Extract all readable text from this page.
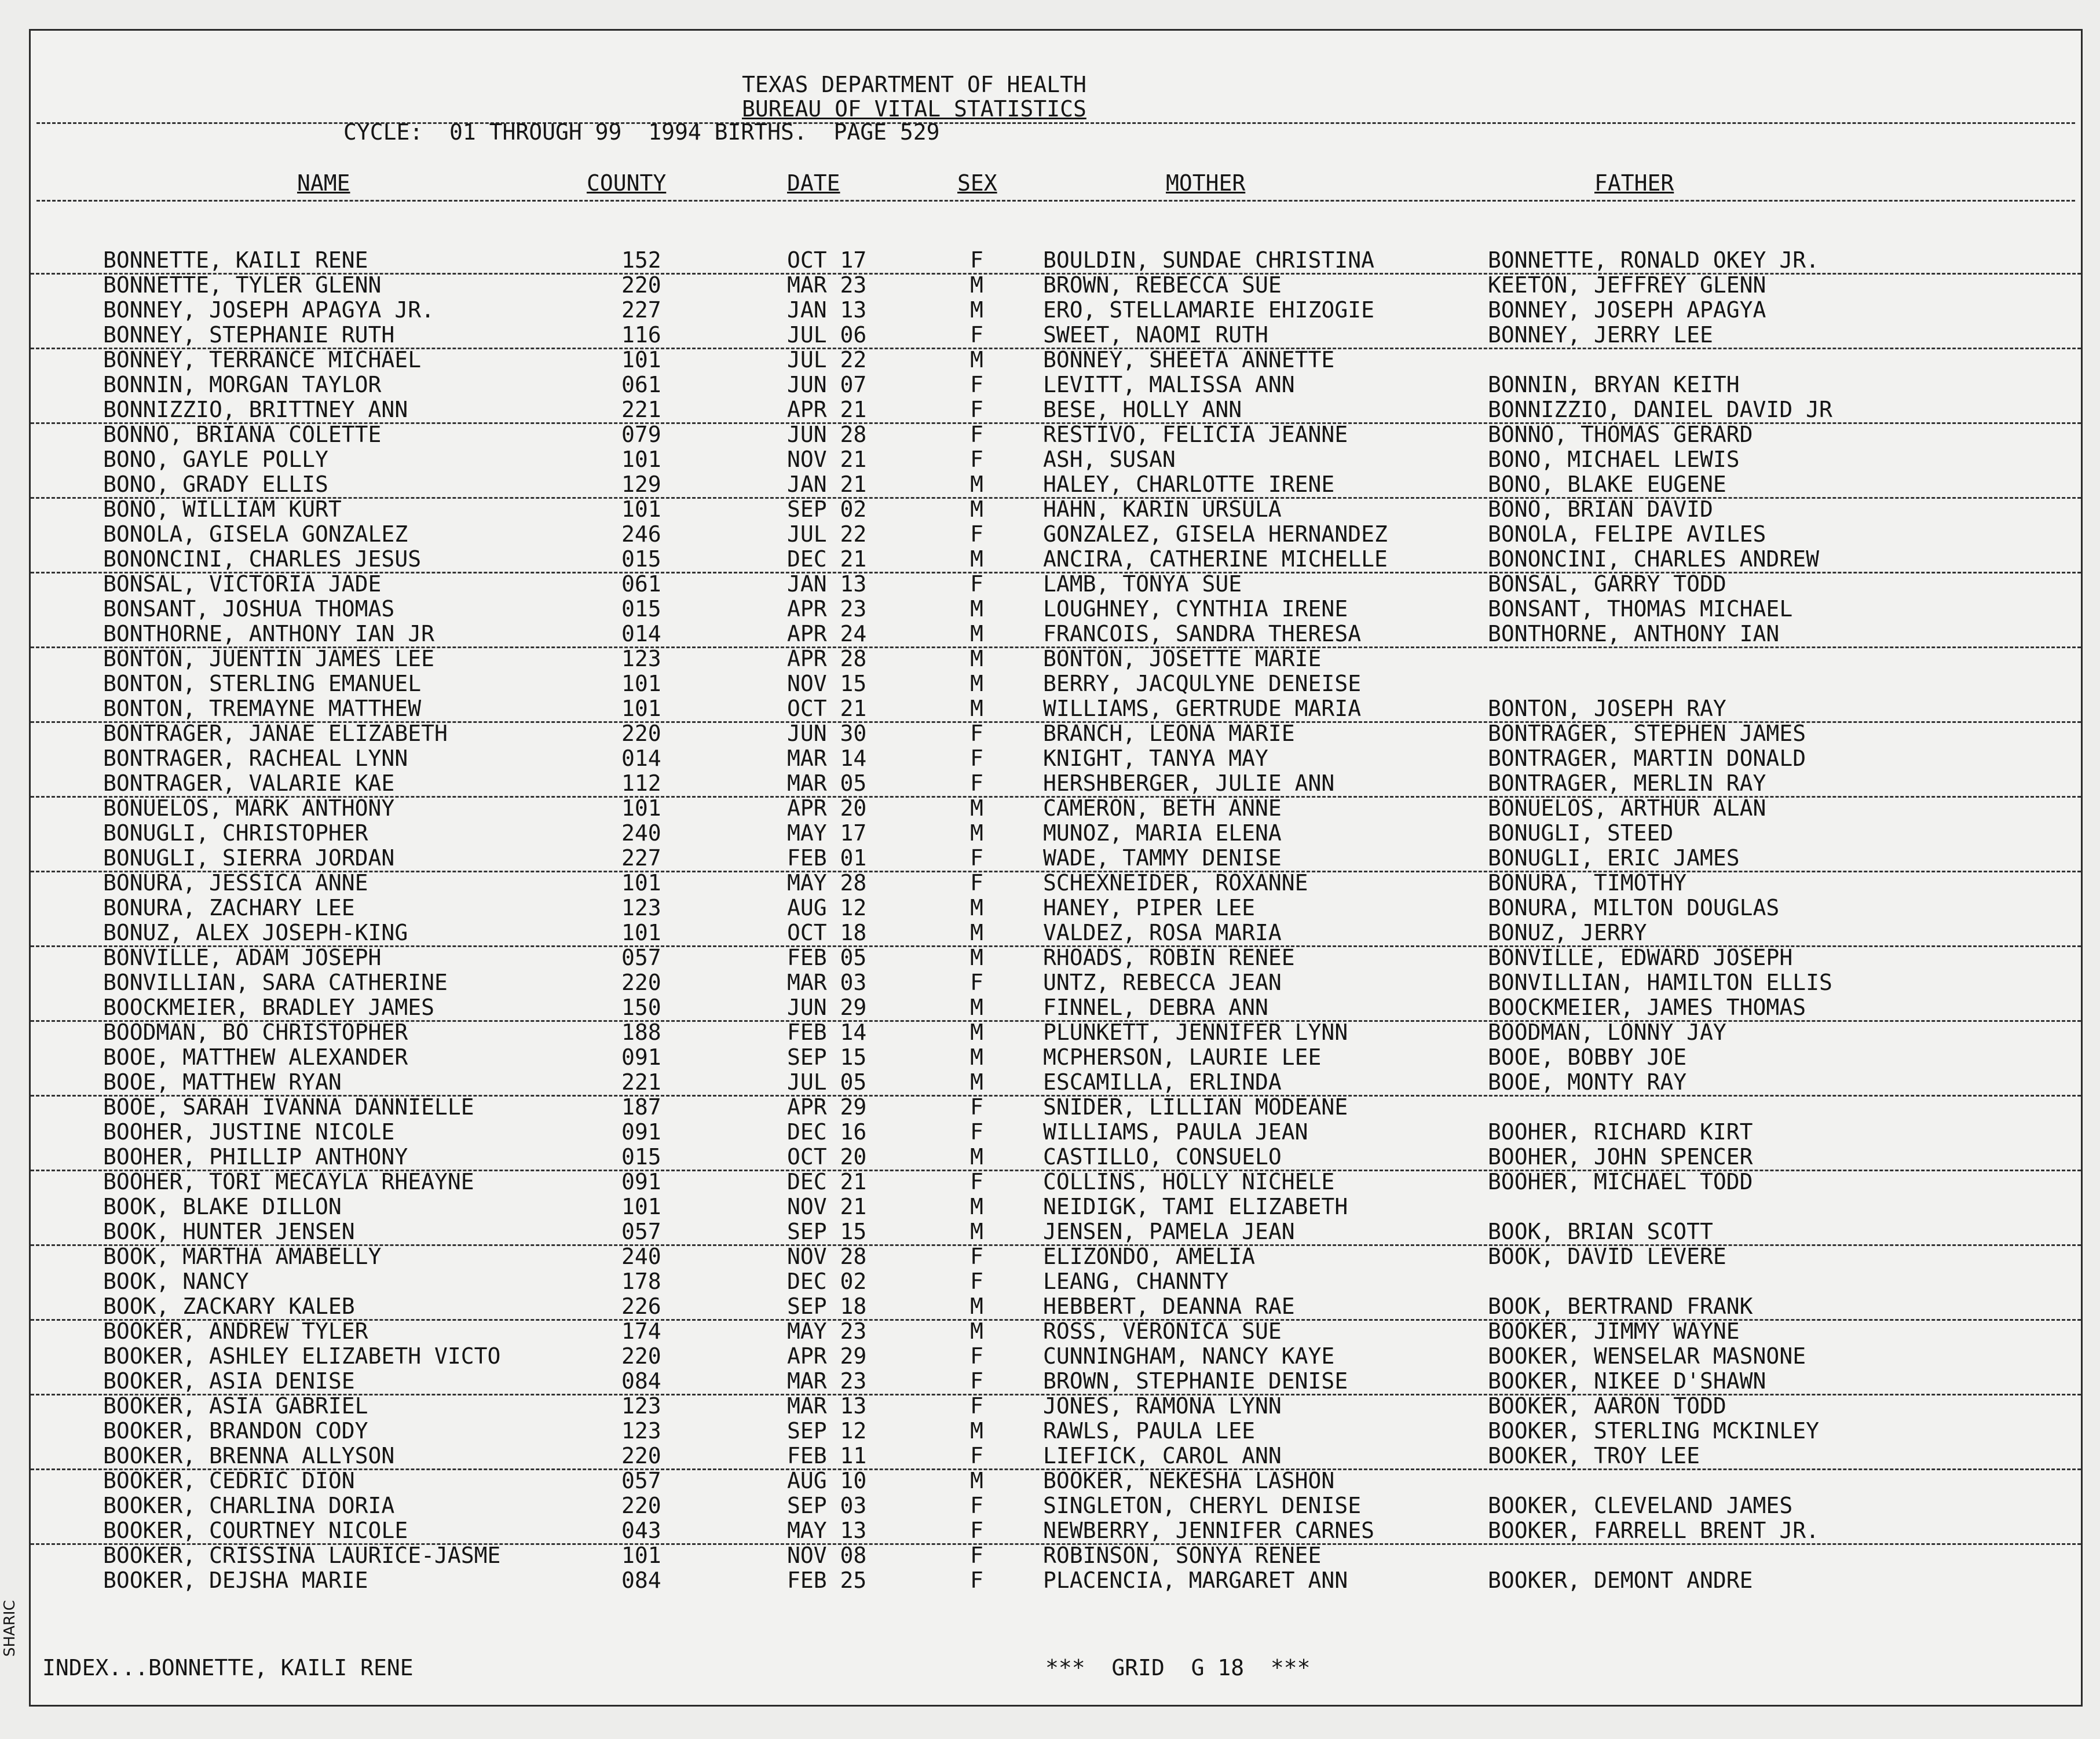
TEXAS DEPARTMENT OF HEALTH
BUREAU OF VITAL STATISTICS
CYCLE:  01 THROUGH 99  1994 BIRTHS.  PAGE 529
NAME	COUNTY	DATE	SEX	MOTHER	FATHER
BONNETTE, KAILI RENE	152	OCT 17	F	BOULDIN, SUNDAE CHRISTINA	BONNETTE, RONALD OKEY JR.
BONNETTE, TYLER GLENN	220	MAR 23	M	BROWN, REBECCA SUE	KEETON, JEFFREY GLENN
BONNEY, JOSEPH APAGYA JR.	227	JAN 13	M	ERO, STELLAMARIE EHIZOGIE	BONNEY, JOSEPH APAGYA
BONNEY, STEPHANIE RUTH	116	JUL 06	F	SWEET, NAOMI RUTH	BONNEY, JERRY LEE
BONNEY, TERRANCE MICHAEL	101	JUL 22	M	BONNEY, SHEETA ANNETTE
BONNIN, MORGAN TAYLOR	061	JUN 07	F	LEVITT, MALISSA ANN	BONNIN, BRYAN KEITH
BONNIZZIO, BRITTNEY ANN	221	APR 21	F	BESE, HOLLY ANN	BONNIZZIO, DANIEL DAVID JR
BONNO, BRIANA COLETTE	079	JUN 28	F	RESTIVO, FELICIA JEANNE	BONNO, THOMAS GERARD
BONO, GAYLE POLLY	101	NOV 21	F	ASH, SUSAN	BONO, MICHAEL LEWIS
BONO, GRADY ELLIS	129	JAN 21	M	HALEY, CHARLOTTE IRENE	BONO, BLAKE EUGENE
BONO, WILLIAM KURT	101	SEP 02	M	HAHN, KARIN URSULA	BONO, BRIAN DAVID
BONOLA, GISELA GONZALEZ	246	JUL 22	F	GONZALEZ, GISELA HERNANDEZ	BONOLA, FELIPE AVILES
BONONCINI, CHARLES JESUS	015	DEC 21	M	ANCIRA, CATHERINE MICHELLE	BONONCINI, CHARLES ANDREW
BONSAL, VICTORIA JADE	061	JAN 13	F	LAMB, TONYA SUE	BONSAL, GARRY TODD
BONSANT, JOSHUA THOMAS	015	APR 23	M	LOUGHNEY, CYNTHIA IRENE	BONSANT, THOMAS MICHAEL
BONTHORNE, ANTHONY IAN JR	014	APR 24	M	FRANCOIS, SANDRA THERESA	BONTHORNE, ANTHONY IAN
BONTON, JUENTIN JAMES LEE	123	APR 28	M	BONTON, JOSETTE MARIE
BONTON, STERLING EMANUEL	101	NOV 15	M	BERRY, JACQULYNE DENEISE
BONTON, TREMAYNE MATTHEW	101	OCT 21	M	WILLIAMS, GERTRUDE MARIA	BONTON, JOSEPH RAY
BONTRAGER, JANAE ELIZABETH	220	JUN 30	F	BRANCH, LEONA MARIE	BONTRAGER, STEPHEN JAMES
BONTRAGER, RACHEAL LYNN	014	MAR 14	F	KNIGHT, TANYA MAY	BONTRAGER, MARTIN DONALD
BONTRAGER, VALARIE KAE	112	MAR 05	F	HERSHBERGER, JULIE ANN	BONTRAGER, MERLIN RAY
BONUELOS, MARK ANTHONY	101	APR 20	M	CAMERON, BETH ANNE	BONUELOS, ARTHUR ALAN
BONUGLI, CHRISTOPHER	240	MAY 17	M	MUNOZ, MARIA ELENA	BONUGLI, STEED
BONUGLI, SIERRA JORDAN	227	FEB 01	F	WADE, TAMMY DENISE	BONUGLI, ERIC JAMES
BONURA, JESSICA ANNE	101	MAY 28	F	SCHEXNEIDER, ROXANNE	BONURA, TIMOTHY
BONURA, ZACHARY LEE	123	AUG 12	M	HANEY, PIPER LEE	BONURA, MILTON DOUGLAS
BONUZ, ALEX JOSEPH-KING	101	OCT 18	M	VALDEZ, ROSA MARIA	BONUZ, JERRY
BONVILLE, ADAM JOSEPH	057	FEB 05	M	RHOADS, ROBIN RENEE	BONVILLE, EDWARD JOSEPH
BONVILLIAN, SARA CATHERINE	220	MAR 03	F	UNTZ, REBECCA JEAN	BONVILLIAN, HAMILTON ELLIS
BOOCKMEIER, BRADLEY JAMES	150	JUN 29	M	FINNEL, DEBRA ANN	BOOCKMEIER, JAMES THOMAS
BOODMAN, BO CHRISTOPHER	188	FEB 14	M	PLUNKETT, JENNIFER LYNN	BOODMAN, LONNY JAY
BOOE, MATTHEW ALEXANDER	091	SEP 15	M	MCPHERSON, LAURIE LEE	BOOE, BOBBY JOE
BOOE, MATTHEW RYAN	221	JUL 05	M	ESCAMILLA, ERLINDA	BOOE, MONTY RAY
BOOE, SARAH IVANNA DANNIELLE	187	APR 29	F	SNIDER, LILLIAN MODEANE
BOOHER, JUSTINE NICOLE	091	DEC 16	F	WILLIAMS, PAULA JEAN	BOOHER, RICHARD KIRT
BOOHER, PHILLIP ANTHONY	015	OCT 20	M	CASTILLO, CONSUELO	BOOHER, JOHN SPENCER
BOOHER, TORI MECAYLA RHEAYNE	091	DEC 21	F	COLLINS, HOLLY NICHELE	BOOHER, MICHAEL TODD
BOOK, BLAKE DILLON	101	NOV 21	M	NEIDIGK, TAMI ELIZABETH
BOOK, HUNTER JENSEN	057	SEP 15	M	JENSEN, PAMELA JEAN	BOOK, BRIAN SCOTT
BOOK, MARTHA AMABELLY	240	NOV 28	F	ELIZONDO, AMELIA	BOOK, DAVID LEVERE
BOOK, NANCY	178	DEC 02	F	LEANG, CHANNTY
BOOK, ZACKARY KALEB	226	SEP 18	M	HEBBERT, DEANNA RAE	BOOK, BERTRAND FRANK
BOOKER, ANDREW TYLER	174	MAY 23	M	ROSS, VERONICA SUE	BOOKER, JIMMY WAYNE
BOOKER, ASHLEY ELIZABETH VICTO	220	APR 29	F	CUNNINGHAM, NANCY KAYE	BOOKER, WENSELAR MASNONE
BOOKER, ASIA DENISE	084	MAR 23	F	BROWN, STEPHANIE DENISE	BOOKER, NIKEE D'SHAWN
BOOKER, ASIA GABRIEL	123	MAR 13	F	JONES, RAMONA LYNN	BOOKER, AARON TODD
BOOKER, BRANDON CODY	123	SEP 12	M	RAWLS, PAULA LEE	BOOKER, STERLING MCKINLEY
BOOKER, BRENNA ALLYSON	220	FEB 11	F	LIEFICK, CAROL ANN	BOOKER, TROY LEE
BOOKER, CEDRIC DION	057	AUG 10	M	BOOKER, NEKESHA LASHON
BOOKER, CHARLINA DORIA	220	SEP 03	F	SINGLETON, CHERYL DENISE	BOOKER, CLEVELAND JAMES
BOOKER, COURTNEY NICOLE	043	MAY 13	F	NEWBERRY, JENNIFER CARNES	BOOKER, FARRELL BRENT JR.
BOOKER, CRISSINA LAURICE-JASME	101	NOV 08	F	ROBINSON, SONYA RENEE
BOOKER, DEJSHA MARIE	084	FEB 25	F	PLACENCIA, MARGARET ANN	BOOKER, DEMONT ANDRE
INDEX...BONNETTE, KAILI RENE	***  GRID  G 18  ***
SHARIC
